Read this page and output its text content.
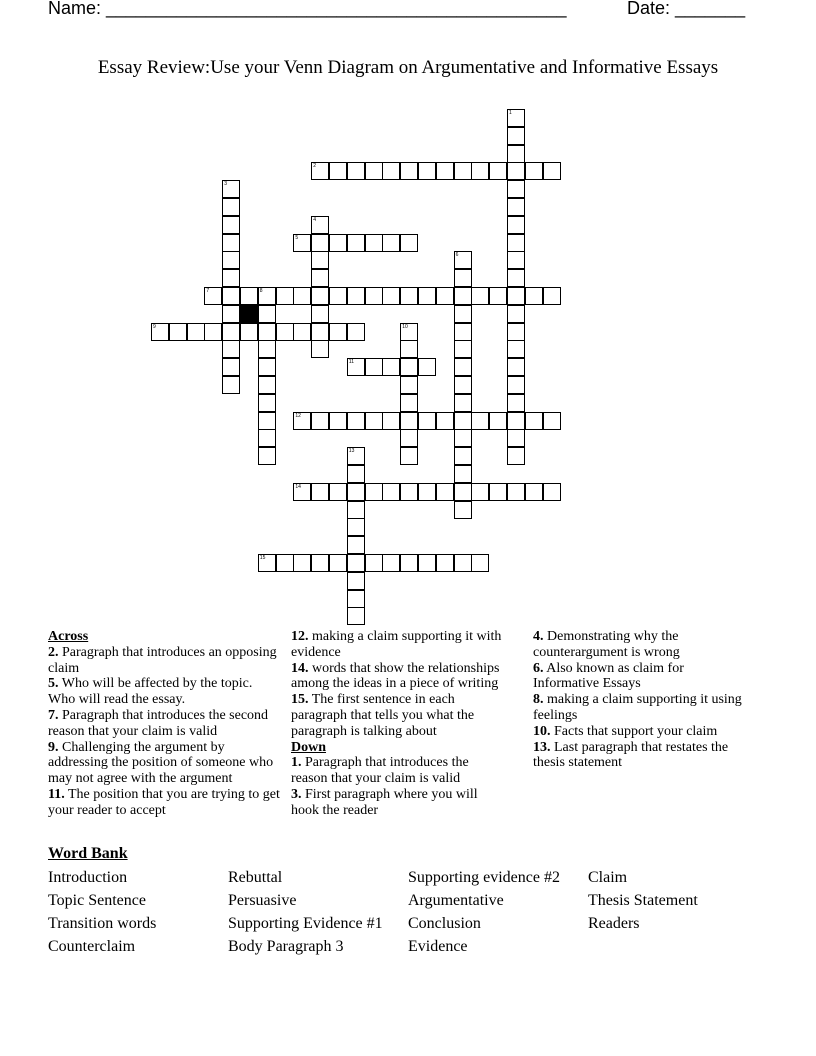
Name: ______________________________________________	Date: _______
Essay Review:Use your Venn Diagram on Argumentative and Informative Essays
1
2
3
4
5
6
7	8
9	10
11
12
13
14
15
Across
2. Paragraph that introduces an opposing claim
5. Who will be affected by the topic. Who will read the essay.
7. Paragraph that introduces the second reason that your claim is valid
9. Challenging the argument by addressing the position of someone who may not agree with the argument
11. The position that you are trying to get your reader to accept
12. making a claim supporting it with evidence
14. words that show the relationships among the ideas in a piece of writing
15. The first sentence in each paragraph that tells you what the paragraph is talking about
Down
1. Paragraph that introduces the reason that your claim is valid
3. First paragraph where you will hook the reader
4. Demonstrating why the counterargument is wrong
6. Also known as claim for Informative Essays
8. making a claim supporting it using feelings
10. Facts that support your claim
13. Last paragraph that restates the thesis statement
Word Bank
Introduction
Topic Sentence
Transition words
Counterclaim
Rebuttal
Persuasive
Supporting Evidence #1
Body Paragraph 3
Supporting evidence #2
Argumentative
Conclusion
Evidence
Claim
Thesis Statement
Readers
